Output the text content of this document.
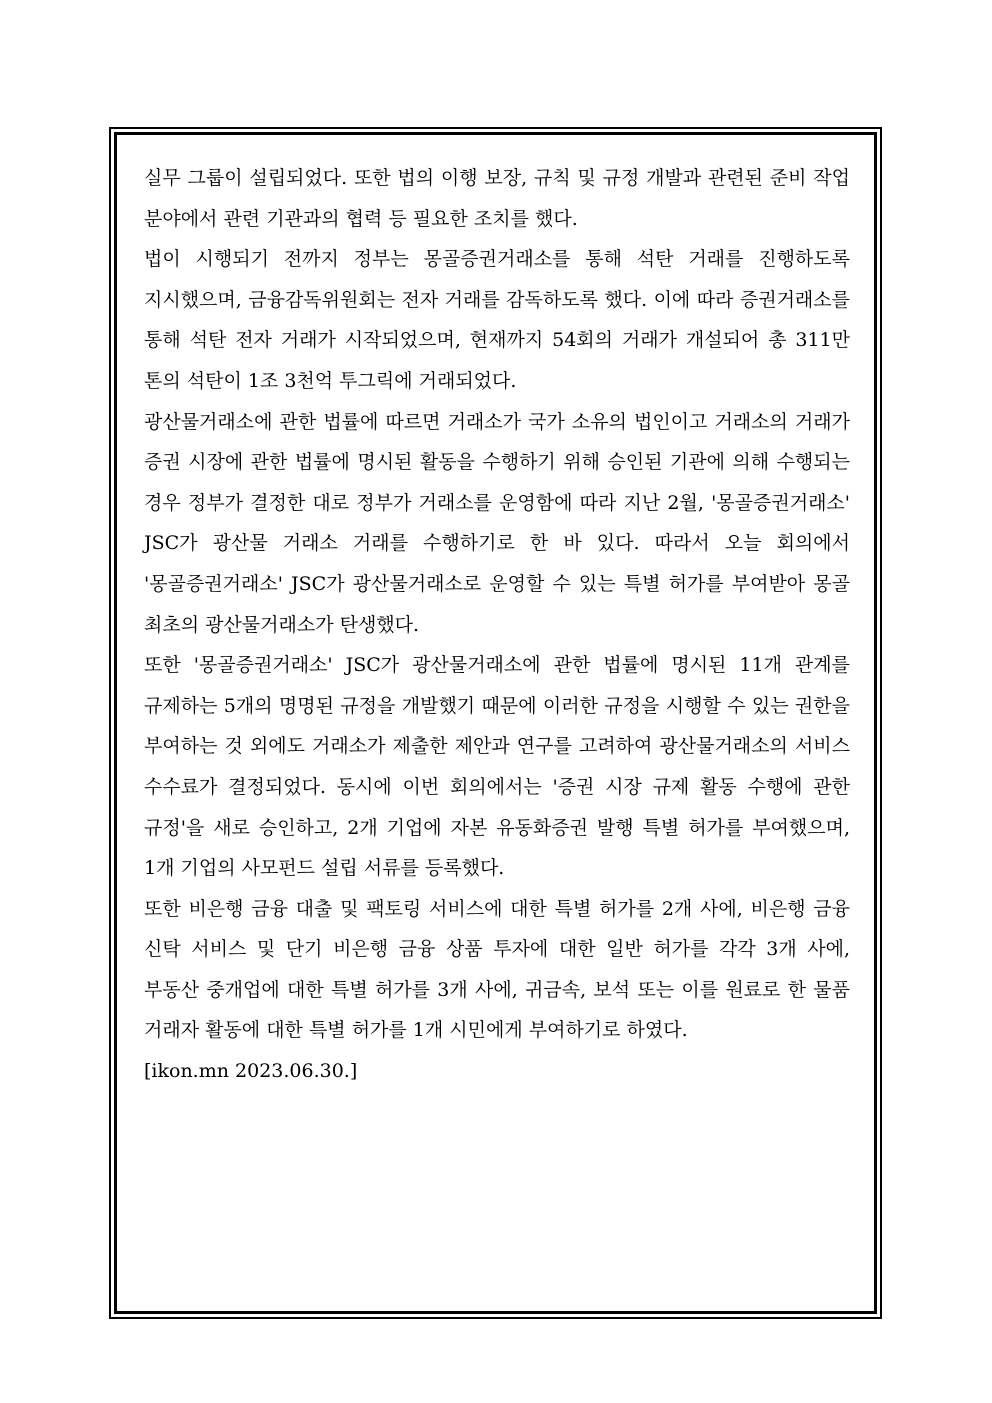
실무 그룹이 설립되었다. 또한 법의 이행 보장, 규칙 및 규정 개발과 관련된 준비 작업 분야에서 관련 기관과의 협력 등 필요한 조치를 했다.

법이 시행되기 전까지 정부는 몽골증권거래소를 통해 석탄 거래를 진행하도록 지시했으며, 금융감독위원회는 전자 거래를 감독하도록 했다. 이에 따라 증권거래소를 통해 석탄 전자 거래가 시작되었으며, 현재까지 54회의 거래가 개설되어 총 311만 톤의 석탄이 1조 3천억 투그릭에 거래되었다.

광산물거래소에 관한 법률에 따르면 거래소가 국가 소유의 법인이고 거래소의 거래가 증권 시장에 관한 법률에 명시된 활동을 수행하기 위해 승인된 기관에 의해 수행되는 경우 정부가 결정한 대로 정부가 거래소를 운영함에 따라 지난 2월, '몽골증권거래소' JSC가 광산물 거래소 거래를 수행하기로 한 바 있다. 따라서 오늘 회의에서 '몽골증권거래소' JSC가 광산물거래소로 운영할 수 있는 특별 허가를 부여받아 몽골 최초의 광산물거래소가 탄생했다.

또한 '몽골증권거래소' JSC가 광산물거래소에 관한 법률에 명시된 11개 관계를 규제하는 5개의 명명된 규정을 개발했기 때문에 이러한 규정을 시행할 수 있는 권한을 부여하는 것 외에도 거래소가 제출한 제안과 연구를 고려하여 광산물거래소의 서비스 수수료가 결정되었다. 동시에 이번 회의에서는 '증권 시장 규제 활동 수행에 관한 규정'을 새로 승인하고, 2개 기업에 자본 유동화증권 발행 특별 허가를 부여했으며, 1개 기업의 사모펀드 설립 서류를 등록했다.

또한 비은행 금융 대출 및 팩토링 서비스에 대한 특별 허가를 2개 사에, 비은행 금융 신탁 서비스 및 단기 비은행 금융 상품 투자에 대한 일반 허가를 각각 3개 사에, 부동산 중개업에 대한 특별 허가를 3개 사에, 귀금속, 보석 또는 이를 원료로 한 물품 거래자 활동에 대한 특별 허가를 1개 시민에게 부여하기로 하였다.

[ikon.mn 2023.06.30.]
